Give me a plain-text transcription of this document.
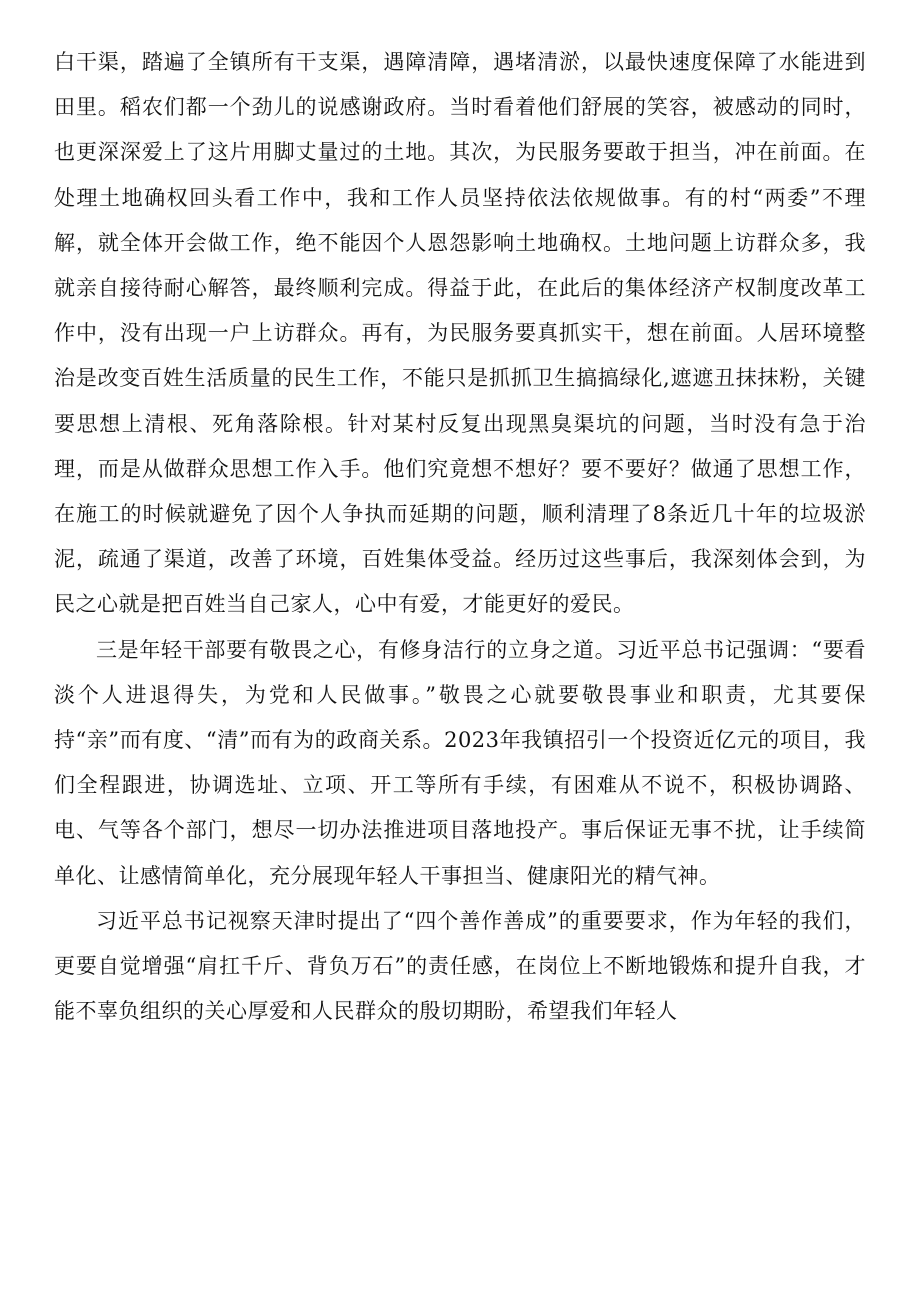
白干渠，踏遍了全镇所有干支渠，遇障清障，遇堵清淤，以最快速度保障了水能进到田里。稻农们都一个劲儿的说感谢政府。当时看着他们舒展的笑容，被感动的同时，也更深深爱上了这片用脚丈量过的土地。其次，为民服务要敢于担当，冲在前面。在处理土地确权回头看工作中，我和工作人员坚持依法依规做事。有的村“两委”不理解，就全体开会做工作，绝不能因个人恩怨影响土地确权。土地问题上访群众多，我就亲自接待耐心解答，最终顺利完成。得益于此，在此后的集体经济产权制度改革工作中，没有出现一户上访群众。再有，为民服务要真抓实干，想在前面。人居环境整治是改变百姓生活质量的民生工作，不能只是抓抓卫生搞搞绿化,遮遮丑抹抹粉，关键要思想上清根、死角落除根。针对某村反复出现黑臭渠坑的问题，当时没有急于治理，而是从做群众思想工作入手。他们究竟想不想好？要不要好？做通了思想工作，在施工的时候就避免了因个人争执而延期的问题，顺利清理了8条近几十年的垃圾淤泥，疏通了渠道，改善了环境，百姓集体受益。经历过这些事后，我深刻体会到，为民之心就是把百姓当自己家人，心中有爱，才能更好的爱民。

三是年轻干部要有敬畏之心，有修身洁行的立身之道。习近平总书记强调：“要看淡个人进退得失，为党和人民做事。”敬畏之心就要敬畏事业和职责，尤其要保持“亲”而有度、“清”而有为的政商关系。2023年我镇招引一个投资近亿元的项目，我们全程跟进，协调选址、立项、开工等所有手续，有困难从不说不，积极协调路、电、气等各个部门，想尽一切办法推进项目落地投产。事后保证无事不扰，让手续简单化、让感情简单化，充分展现年轻人干事担当、健康阳光的精气神。

习近平总书记视察天津时提出了“四个善作善成”的重要要求，作为年轻的我们，更要自觉增强“肩扛千斤、背负万石”的责任感，在岗位上不断地锻炼和提升自我，才能不辜负组织的关心厚爱和人民群众的殷切期盼，希望我们年轻人
